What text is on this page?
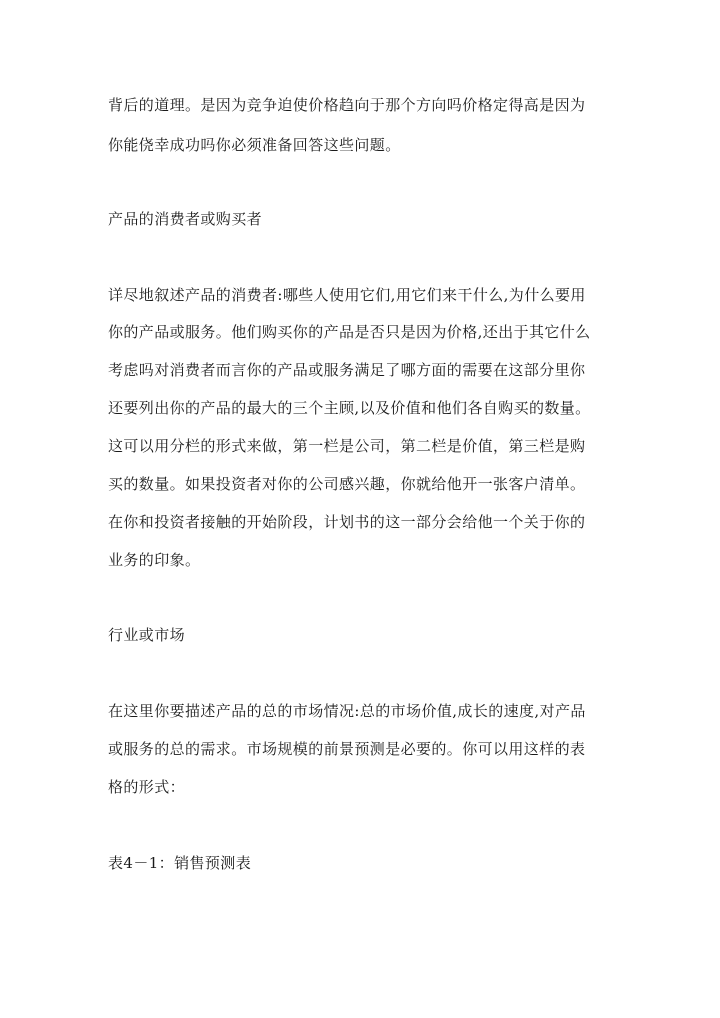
背后的道理。是因为竞争迫使价格趋向于那个方向吗价格定得高是因为
你能侥幸成功吗你必须准备回答这些问题。
产品的消费者或购买者
详尽地叙述产品的消费者:哪些人使用它们,用它们来干什么,为什么要用
你的产品或服务。他们购买你的产品是否只是因为价格,还出于其它什么
考虑吗对消费者而言你的产品或服务满足了哪方面的需要在这部分里你
还要列出你的产品的最大的三个主顾,以及价值和他们各自购买的数量。
这可以用分栏的形式来做，第一栏是公司，第二栏是价值，第三栏是购
买的数量。如果投资者对你的公司感兴趣，你就给他开一张客户清单。
在你和投资者接触的开始阶段，计划书的这一部分会给他一个关于你的
业务的印象。
行业或市场
在这里你要描述产品的总的市场情况:总的市场价值,成长的速度,对产品
或服务的总的需求。市场规模的前景预测是必要的。你可以用这样的表
格的形式：
表4－1：销售预测表
